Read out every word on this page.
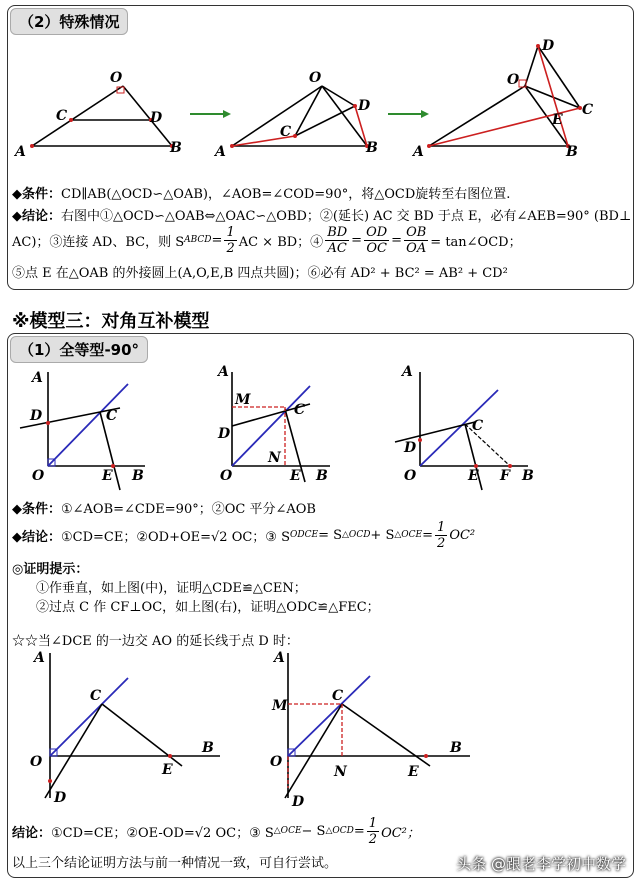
（2）特殊情况
A	B
C	D
O
A	B
C
D
O
A	B
C
D
E
O
◆条件：CD∥AB(△OCD∽△OAB)，∠AOB=∠COD=90°，将△OCD旋转至右图位置.
◆结论：右图中①△OCD∽△OAB⇔△OAC∽△OBD；②(延长) AC 交 BD 于点 E，必有∠AEB=90° (BD⊥
AC)；③连接 AD、BC，则 S ABCD = $\frac{1}{2}$ AC × BD；④ $\frac{BD}{AC} = \frac{OD}{OC} = \frac{OB}{OA}$ = tan∠OCD；
⑤点 E 在△OAB 的外接圆上(A,O,E,B 四点共圆)；⑥必有 AD² + BC² = AB² + CD²
※模型三：对角互补模型
（1）全等型-90°
A
D	C
O	E B
A
M
D
C
N
O	E B
A
D
C
O	E F B
◆条件：①∠AOB=∠CDE=90°；②OC 平分∠AOB
◆结论： ①CD=CE；②OD+OE=√2 OC；③ S ODCE = S △OCD + S △OCE = $\frac{1}{2} OC^2$
◎证明提示：
①作垂直，如上图(中)，证明△CDE≌△CEN；
②过点 C 作 CF⊥OC，如上图(右)，证明△ODC≌△FEC；
☆☆当∠DCE 的一边交 AO 的延长线于点 D 时：
A
C
O
D
E
B
A
M
C
O
N
D
E
B
结论： ①CD=CE；②OE-OD=√2 OC；③ S △OCE − S △OCD = $\frac{1}{2} OC^2$；
以上三个结论证明方法与前一种情况一致，可自行尝试。	头条 @跟老李学初中数学
